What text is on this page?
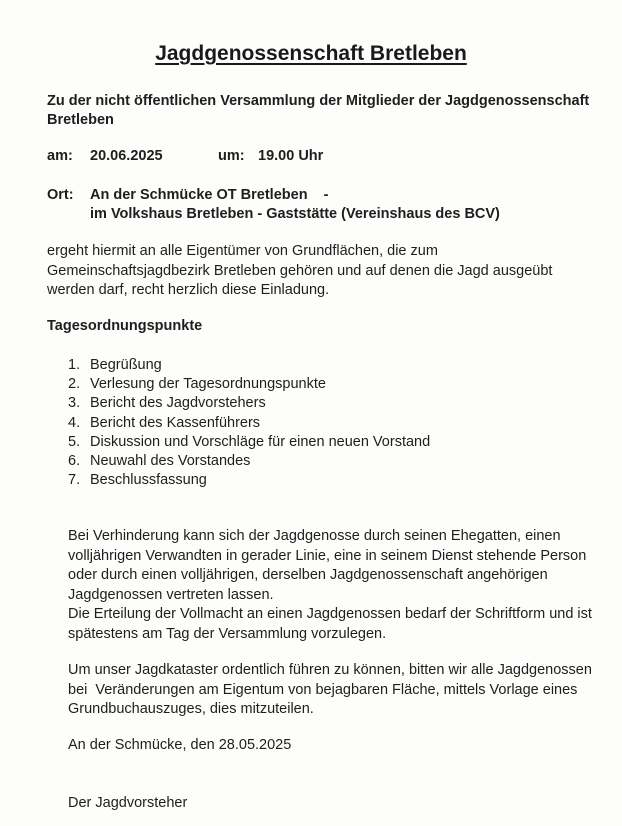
Jagdgenossenschaft Bretleben
Zu der nicht öffentlichen Versammlung der Mitglieder der Jagdgenossenschaft Bretleben
am: 20.06.2025	um: 19.00 Uhr
Ort: An der Schmücke OT Bretleben    -
im Volkshaus Bretleben - Gaststätte (Vereinshaus des BCV)
ergeht hiermit an alle Eigentümer von Grundflächen, die zum
Gemeinschaftsjagdbezirk Bretleben gehören und auf denen die Jagd ausgeübt
werden darf, recht herzlich diese Einladung.
Tagesordnungspunkte
1. Begrüßung
2. Verlesung der Tagesordnungspunkte
3. Bericht des Jagdvorstehers
4. Bericht des Kassenführers
5. Diskussion und Vorschläge für einen neuen Vorstand
6. Neuwahl des Vorstandes
7. Beschlussfassung
Bei Verhinderung kann sich der Jagdgenosse durch seinen Ehegatten, einen
volljährigen Verwandten in gerader Linie, eine in seinem Dienst stehende Person
oder durch einen volljährigen, derselben Jagdgenossenschaft angehörigen
Jagdgenossen vertreten lassen.
Die Erteilung der Vollmacht an einen Jagdgenossen bedarf der Schriftform und ist
spätestens am Tag der Versammlung vorzulegen.
Um unser Jagdkataster ordentlich führen zu können, bitten wir alle Jagdgenossen
bei  Veränderungen am Eigentum von bejagbaren Fläche, mittels Vorlage eines
Grundbuchauszuges, dies mitzuteilen.
An der Schmücke, den 28.05.2025
Der Jagdvorsteher
